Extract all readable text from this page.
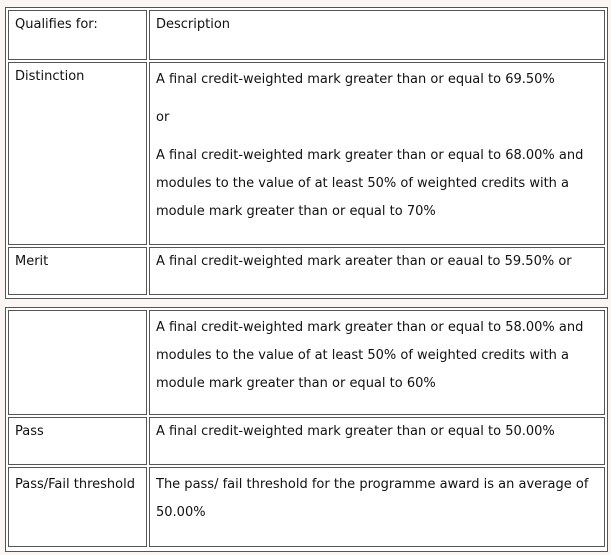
Qualifies for:	Description
Distinction	A final credit-weighted mark greater than or equal to 69.50%
or
A final credit-weighted mark greater than or equal to 68.00% and
modules to the value of at least 50% of weighted credits with a
module mark greater than or equal to 70%
Merit	A final credit-weighted mark areater than or eaual to 59.50% or
A final credit-weighted mark greater than or equal to 58.00% and
modules to the value of at least 50% of weighted credits with a
module mark greater than or equal to 60%
Pass	A final credit-weighted mark greater than or equal to 50.00%
Pass/Fail threshold	The pass/ fail threshold for the programme award is an average of
50.00%
